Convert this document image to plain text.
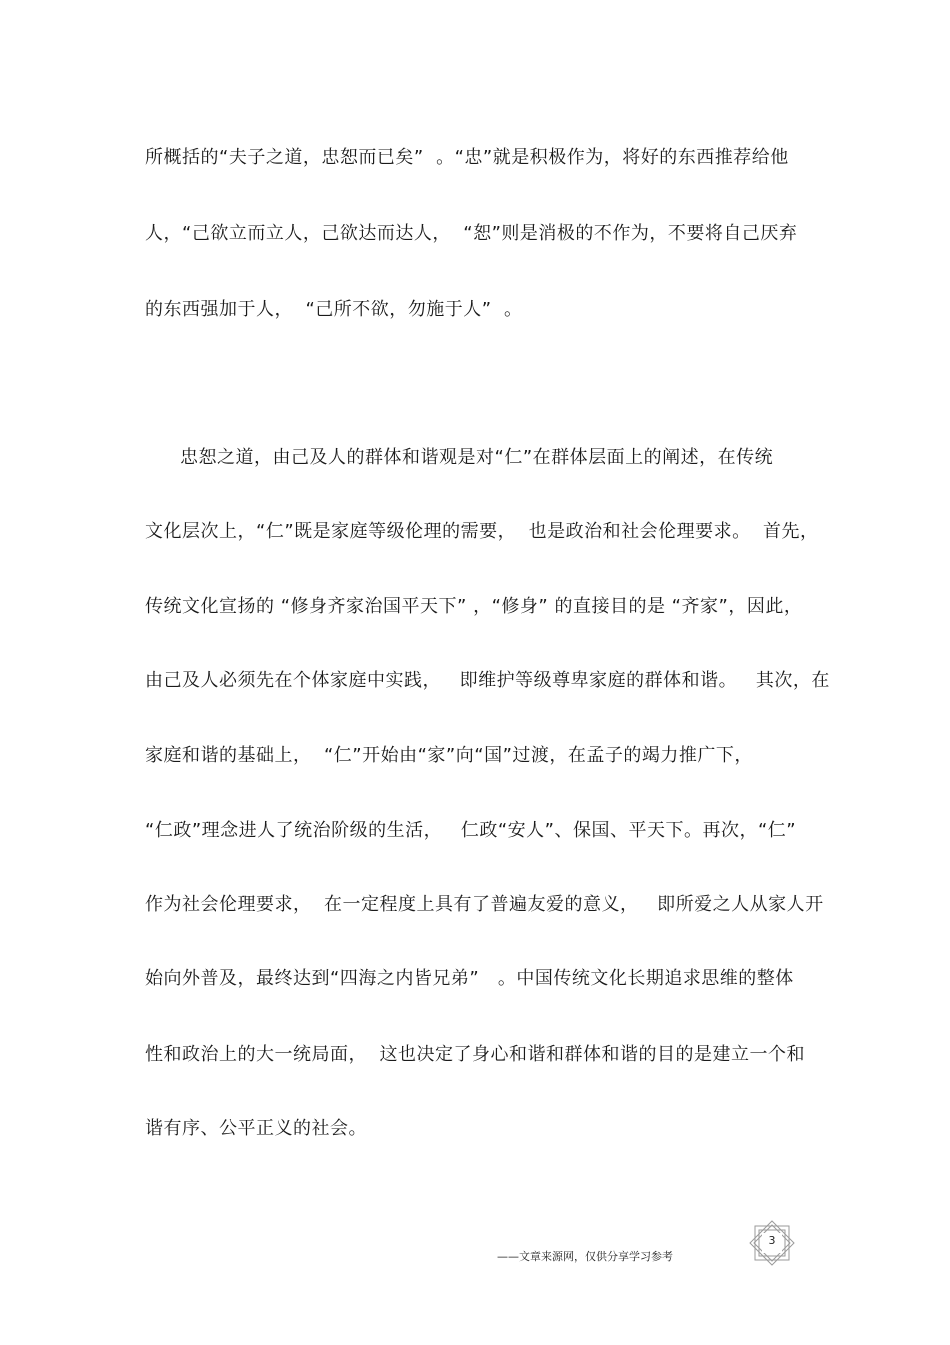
所概括的“夫子之道，忠恕而已矣”  。“忠”就是积极作为，将好的东西推荐给他
人，“己欲立而立人，己欲达而达人，  “恕”则是消极的不作为，不要将自己厌弃
的东西强加于人，  “己所不欲，勿施于人”  。
忠恕之道，由己及人的群体和谐观是对“仁”在群体层面上的阐述，在传统
文化层次上，“仁”既是家庭等级伦理的需要，  也是政治和社会伦理要求。  首先，
传统文化宣扬的 “修身齐家治国平天下” ，“修身” 的直接目的是 “齐家”，因此，
由己及人必须先在个体家庭中实践，   即维护等级尊卑家庭的群体和谐。   其次，在
家庭和谐的基础上，  “仁”开始由“家”向“国”过渡，在孟子的竭力推广下，
“仁政”理念进人了统治阶级的生活，   仁政“安人”、保国、平天下。再次，“仁”
作为社会伦理要求，  在一定程度上具有了普遍友爱的意义，   即所爱之人从家人开
始向外普及，最终达到“四海之内皆兄弟”   。中国传统文化长期追求思维的整体
性和政治上的大一统局面，  这也决定了身心和谐和群体和谐的目的是建立一个和
谐有序、公平正义的社会。
——文章来源网，仅供分享学习参考
3
